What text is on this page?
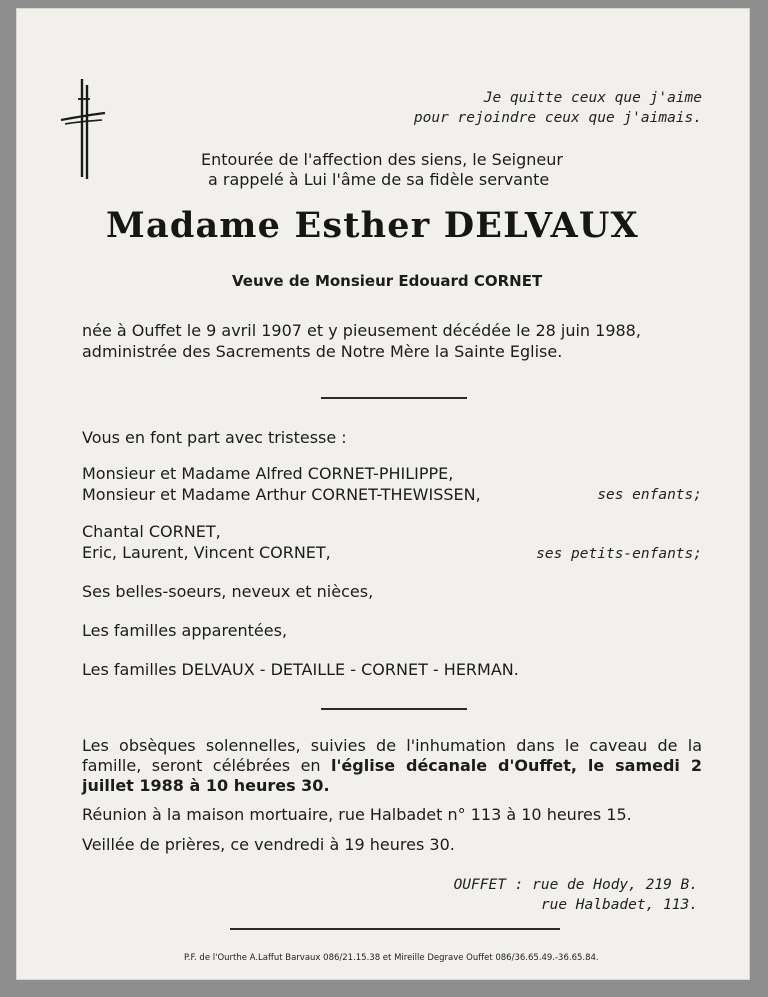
Je quitte ceux que j'aime
pour rejoindre ceux que j'aimais.
Entourée de l'affection des siens, le Seigneur
a rappelé à Lui l'âme de sa fidèle servante
Madame Esther DELVAUX
Veuve de Monsieur Edouard CORNET
née à Ouffet le 9 avril 1907 et y pieusement décédée le 28 juin 1988,
administrée des Sacrements de Notre Mère la Sainte Eglise.
Vous en font part avec tristesse :
Monsieur et Madame Alfred CORNET-PHILIPPE,
Monsieur et Madame Arthur CORNET-THEWISSEN,	ses enfants;
Chantal CORNET,
Eric, Laurent, Vincent CORNET,	ses petits-enfants;
Ses belles-soeurs, neveux et nièces,
Les familles apparentées,
Les familles DELVAUX - DETAILLE - CORNET - HERMAN.
Les obsèques solennelles, suivies de l'inhumation dans le caveau de la famille, seront célébrées en l'église décanale d'Ouffet, le samedi 2 juillet 1988 à 10 heures 30.
Réunion à la maison mortuaire, rue Halbadet n° 113 à 10 heures 15.
Veillée de prières, ce vendredi à 19 heures 30.
OUFFET : rue de Hody, 219 B.
rue Halbadet, 113.
P.F. de l'Ourthe A.Laffut Barvaux 086/21.15.38 et Mireille Degrave Ouffet 086/36.65.49.-36.65.84.
